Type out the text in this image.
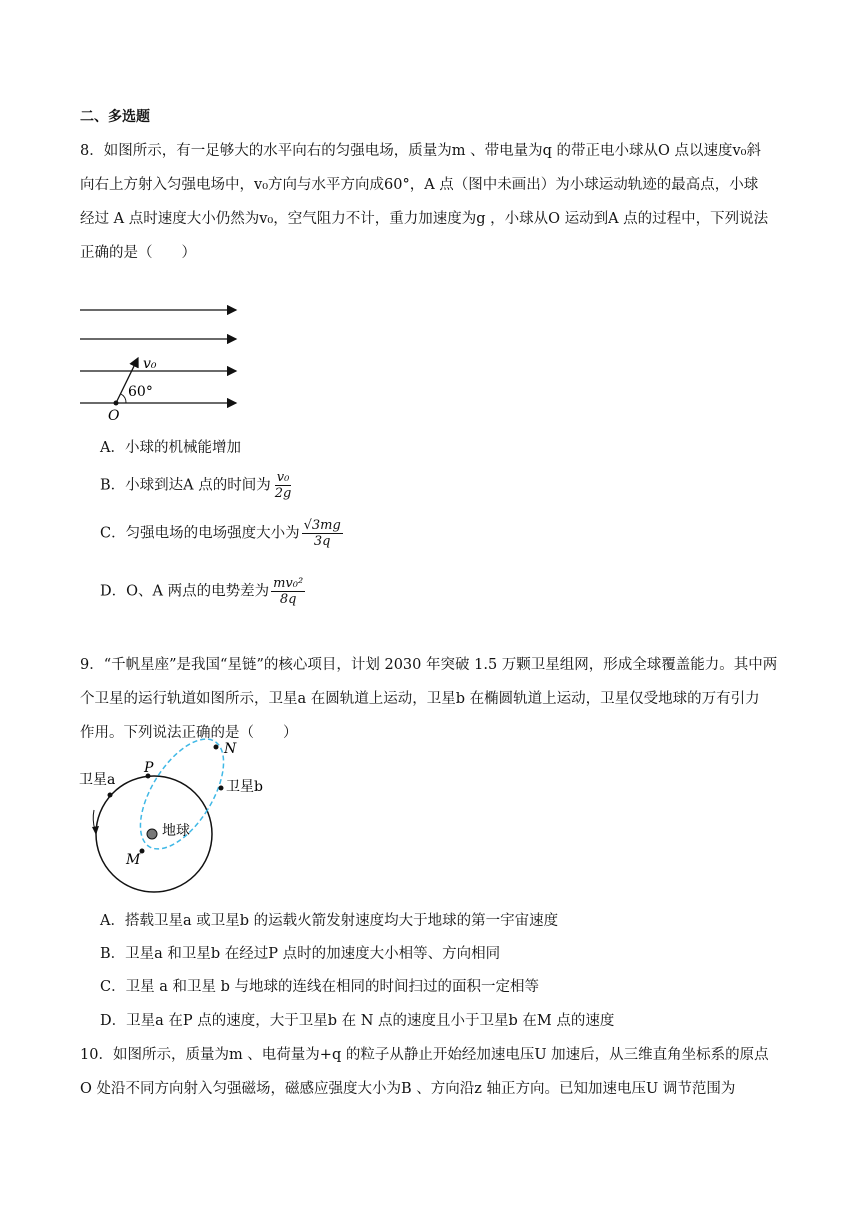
二、多选题
8．如图所示，有一足够大的水平向右的匀强电场，质量为m 、带电量为q 的带正电小球从O 点以速度v₀斜
向右上方射入匀强电场中，v₀方向与水平方向成60°，A 点（图中未画出）为小球运动轨迹的最高点，小球
经过 A 点时速度大小仍然为v₀，空气阻力不计，重力加速度为g ，小球从O 运动到A 点的过程中，下列说法
正确的是（　　）
v₀
60°
O
A．小球的机械能增加
B．小球到达A 点的时间为 $\frac{\text{v₀}}{2g}$
C．匀强电场的电场强度大小为 $\frac{√3mg}{3q}$
D．O、A 两点的电势差为 $\frac{\text{mv₀²}}{8q}$
9．“千帆星座”是我国“星链”的核心项目，计划 2030 年突破 1.5 万颗卫星组网，形成全球覆盖能力。其中两
个卫星的运行轨道如图所示，卫星a 在圆轨道上运动，卫星b 在椭圆轨道上运动，卫星仅受地球的万有引力
作用。下列说法正确的是（　　）
卫星a	卫星b
地球
P
N
M
A．搭载卫星a 或卫星b 的运载火箭发射速度均大于地球的第一宇宙速度
B．卫星a 和卫星b 在经过P 点时的加速度大小相等、方向相同
C．卫星 a 和卫星 b 与地球的连线在相同的时间扫过的面积一定相等
D．卫星a 在P 点的速度，大于卫星b 在 N 点的速度且小于卫星b 在M 点的速度
10．如图所示，质量为m 、电荷量为+q 的粒子从静止开始经加速电压U 加速后，从三维直角坐标系的原点
O 处沿不同方向射入匀强磁场，磁感应强度大小为B 、方向沿z 轴正方向。已知加速电压U 调节范围为
